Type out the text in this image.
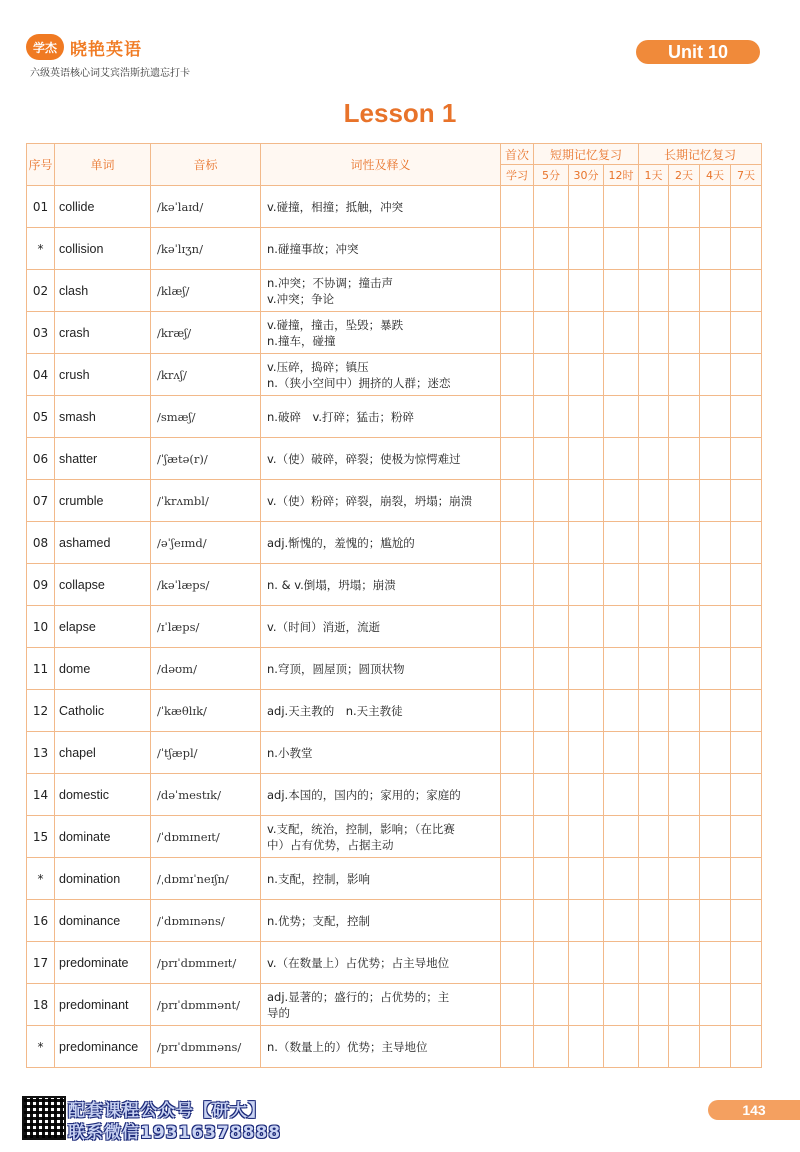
学杰 晓艳英语
六级英语核心词艾宾浩斯抗遗忘打卡
Unit 10
Lesson 1
序号	单词	音标	词性及释义	首次	短期记忆复习			长期记忆复习			
				学习	5分	30分	12时	1天	2天	4天	7天
01	collide	/kəˈlaɪd/	v.碰撞，相撞；抵触，冲突								

*	collision	/kəˈlɪʒn/	n.碰撞事故；冲突								

02	clash	/klæʃ/	n.冲突；不协调；撞击声
v.冲突；争论								

03	crash	/kræʃ/	v.碰撞，撞击，坠毁；暴跌
n.撞车，碰撞								

04	crush	/krʌʃ/	v.压碎，捣碎；镇压
n.（狭小空间中）拥挤的人群；迷恋								

05	smash	/smæʃ/	n.破碎　v.打碎；猛击；粉碎								

06	shatter	/ˈʃætə(r)/	v.（使）破碎，碎裂；使极为惊愕难过								

07	crumble	/ˈkrʌmbl/	v.（使）粉碎；碎裂，崩裂，坍塌；崩溃								

08	ashamed	/əˈʃeɪmd/	adj.惭愧的，羞愧的；尴尬的								

09	collapse	/kəˈlæps/	n. & v.倒塌，坍塌；崩溃								

10	elapse	/ɪˈlæps/	v.（时间）消逝，流逝								

11	dome	/dəʊm/	n.穹顶，圆屋顶；圆顶状物								

12	Catholic	/ˈkæθlɪk/	adj.天主教的　n.天主教徒								

13	chapel	/ˈtʃæpl/	n.小教堂								

14	domestic	/dəˈmestɪk/	adj.本国的，国内的；家用的；家庭的								

15	dominate	/ˈdɒmɪneɪt/	v.支配，统治，控制，影响；（在比赛
中）占有优势，占据主动								

*	domination	/ˌdɒmɪˈneɪʃn/	n.支配，控制，影响								

16	dominance	/ˈdɒmɪnəns/	n.优势；支配，控制								

17	predominate	/prɪˈdɒmɪneɪt/	v.（在数量上）占优势；占主导地位								

18	predominant	/prɪˈdɒmɪnənt/	adj.显著的；盛行的；占优势的；主
导的								

*	predominance	/prɪˈdɒmɪnəns/	n.（数量上的）优势；主导地位								

配套课程公众号【研大】
联系微信19316378888
143
